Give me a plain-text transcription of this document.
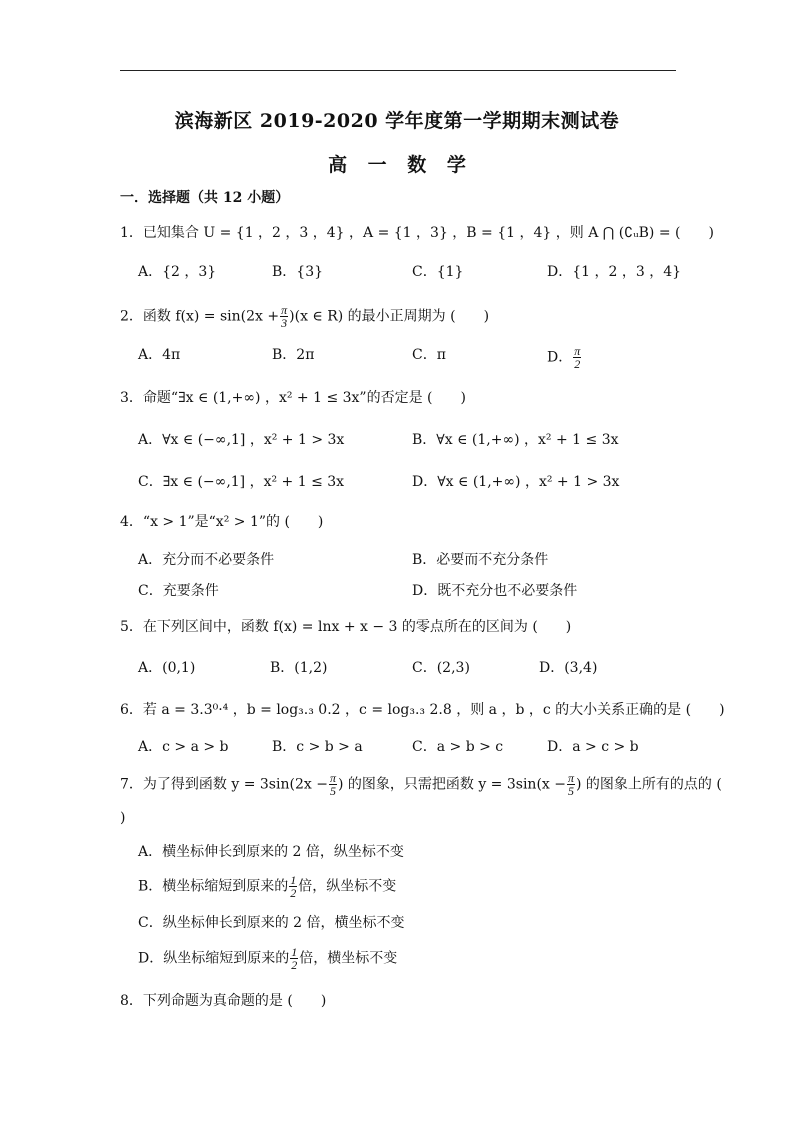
滨海新区 2019-2020 学年度第一学期期末测试卷
高 一 数 学
一．选择题（共 12 小题）
1．已知集合 U = {1 ，2 ，3 ，4} ，A = {1 ，3} ，B = {1 ，4} ，则 A ⋂ (∁ᵤB) = (　　)
A．{2 ，3}	B．{3}	C．{1}	D．{1 ，2 ，3 ，4}
2．函数 $f(x) = \sin(2x + \frac{\pi}{3} )(x$ ∈ R) 的最小正周期为 (　　)
A．4π	B．2π	C．π	D． $\frac{\pi}{2}$
3．命题“∃x ∈ (1,+∞) ，x² + 1 ≤ 3x”的否定是 (　　)
A．∀x ∈ (−∞,1] ，x² + 1 > 3x	B．∀x ∈ (1,+∞) ，x² + 1 ≤ 3x
C．∃x ∈ (−∞,1] ，x² + 1 ≤ 3x	D．∀x ∈ (1,+∞) ，x² + 1 > 3x
4．“x > 1”是“x² > 1”的 (　　)
A．充分而不必要条件	B．必要而不充分条件
C．充要条件	D．既不充分也不必要条件
5．在下列区间中，函数 f(x) = lnx + x − 3 的零点所在的区间为 (　　)
A．(0,1)	B．(1,2)	C．(2,3)	D．(3,4)
6．若 a = 3.3⁰·⁴ ，b = log₃.₃ 0.2 ，c = log₃.₃ 2.8 ，则 a ，b ，c 的大小关系正确的是 (　　)
A．c > a > b	B．c > b > a	C．a > b > c	D．a > c > b
7．为了得到函数 $y = 3\sin(2x - \frac{\pi}{5}$ ) 的图象，只需把函数 $y = 3\sin(x - \frac{\pi}{5}$ ) 的图象上所有的点的 (
)
A．横坐标伸长到原来的 2 倍，纵坐标不变
B．横坐标缩短到原来的 $\frac{1}{2}$ 倍，纵坐标不变
C．纵坐标伸长到原来的 2 倍，横坐标不变
D．纵坐标缩短到原来的 $\frac{1}{2}$ 倍，横坐标不变
8．下列命题为真命题的是 (　　)
